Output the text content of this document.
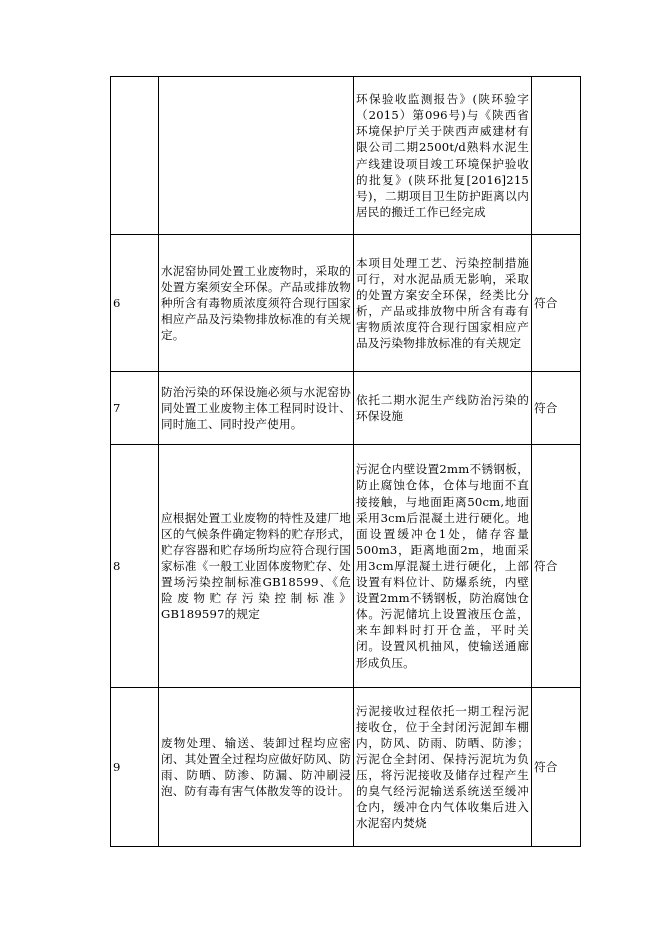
		环保验收监测报告》(陕环验字（2015）第096号)与《陕西省环境保护厅关于陕西声威建材有限公司二期2500t/d熟料水泥生产线建设项目竣工环境保护验收的批复》(陕环批复[2016]215号)，二期项目卫生防护距离以内居民的搬迁工作已经完成	
6	水泥窑协同处置工业废物时，采取的处置方案须安全环保。产品或排放物种所含有毒物质浓度须符合现行国家相应产品及污染物排放标准的有关规定。	本项目处理工艺、污染控制措施可行，对水泥品质无影响，采取的处置方案安全环保，经类比分析，产品或排放物中所含有毒有害物质浓度符合现行国家相应产品及污染物排放标准的有关规定	符合
7	防治污染的环保设施必须与水泥窑协同处置工业废物主体工程同时设计、同时施工、同时投产使用。	依托二期水泥生产线防治污染的环保设施	符合
8	应根据处置工业废物的特性及建厂地区的气候条件确定物料的贮存形式，贮存容器和贮存场所均应符合现行国家标准《一般工业固体废物贮存、处置场污染控制标准GB18599、《危险废物贮存污染控制标准》GB189597的规定	污泥仓内壁设置2mm不锈钢板，防止腐蚀仓体，仓体与地面不直接接触，与地面距离50cm,地面采用3cm后混凝土进行硬化。地面设置缓冲仓1处，储存容量500m3，距离地面2m，地面采用3cm厚混凝土进行硬化，上部设置有料位计、防爆系统，内壁设置2mm不锈钢板，防治腐蚀仓体。污泥储坑上设置液压仓盖，来车卸料时打开仓盖，平时关闭。设置风机抽风，使输送通廊形成负压。	符合
9	废物处理、输送、装卸过程均应密闭、其处置全过程均应做好防风、防雨、防晒、防渗、防漏、防冲刷浸泡、防有毒有害气体散发等的设计。	污泥接收过程依托一期工程污泥接收仓，位于全封闭污泥卸车棚内，防风、防雨、防晒、防渗；污泥仓全封闭、保持污泥坑为负压，将污泥接收及储存过程产生的臭气经污泥输送系统送至缓冲仓内，缓冲仓内气体收集后进入水泥窑内焚烧	符合
